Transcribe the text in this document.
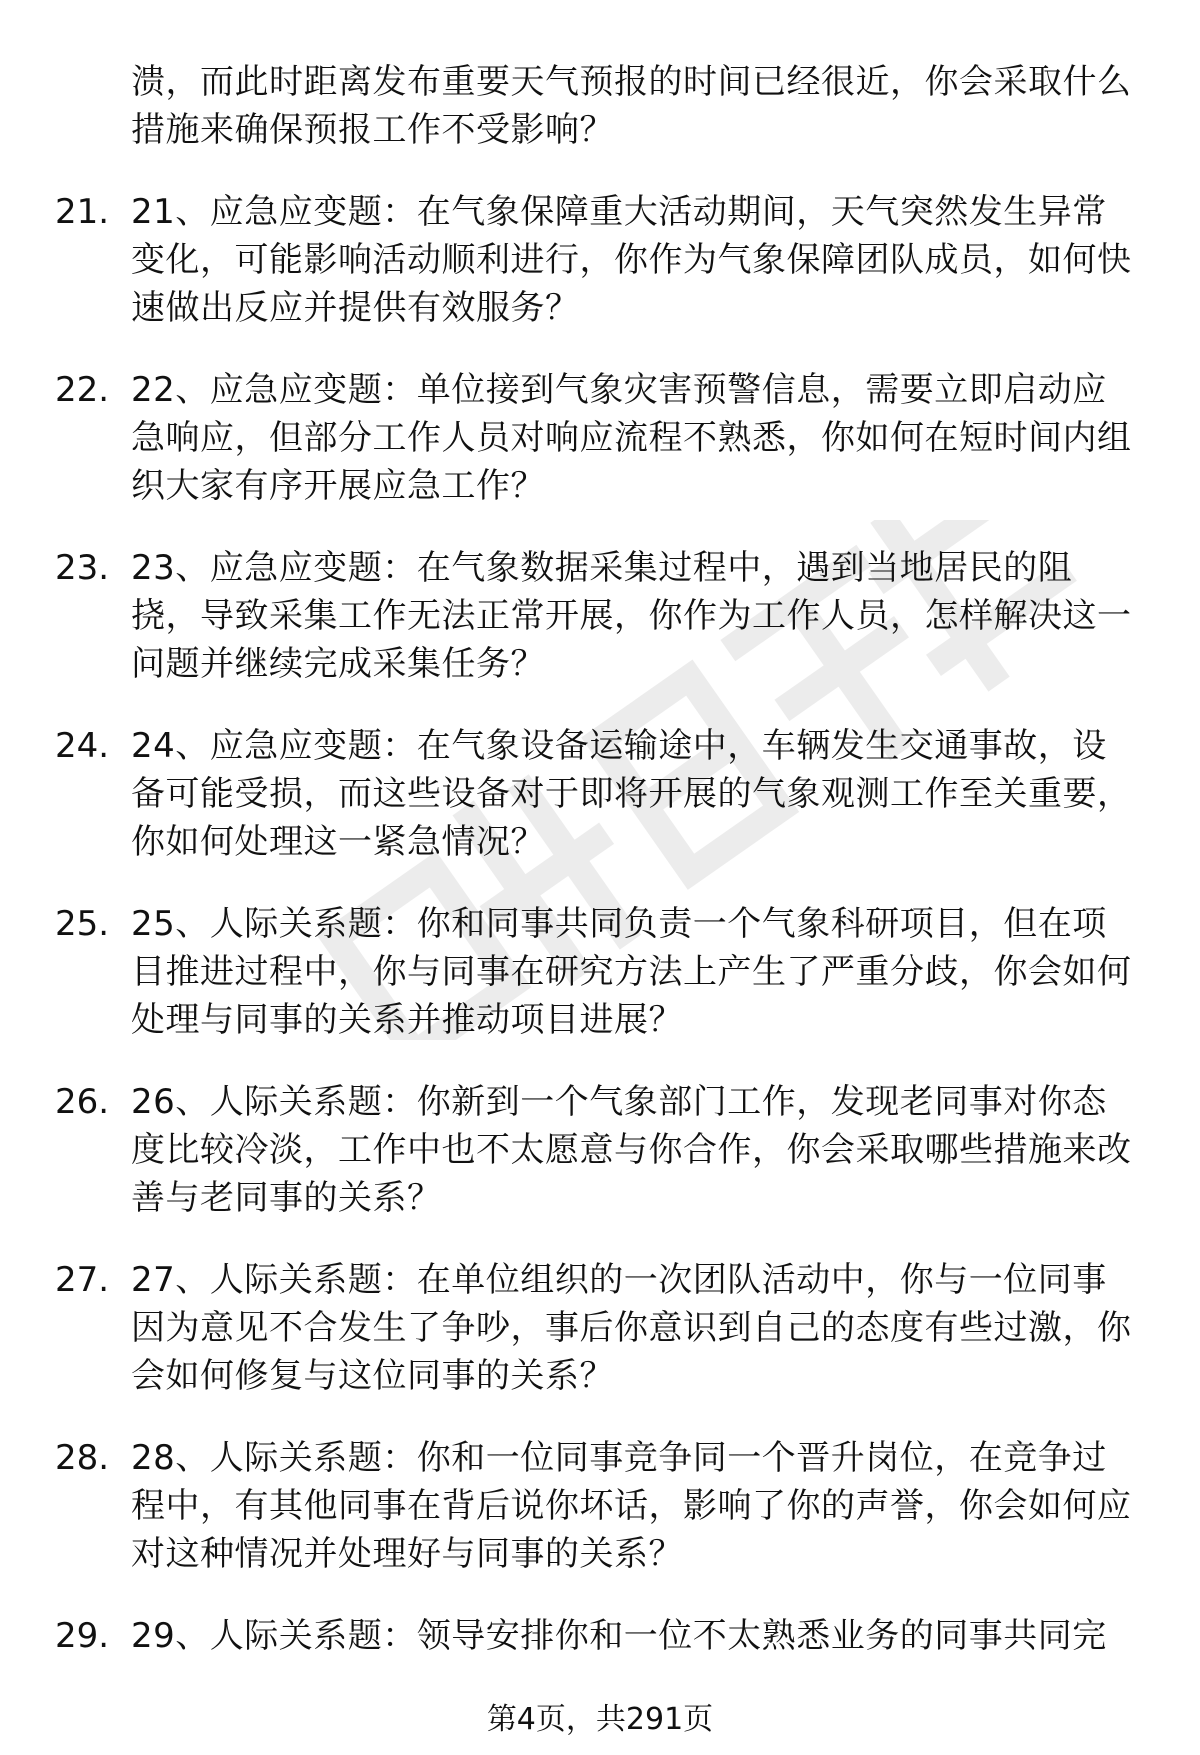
溃，而此时距离发布重要天气预报的时间已经很近，你会采取什么措施来确保预报工作不受影响？
21. 21、应急应变题：在气象保障重大活动期间，天气突然发生异常变化，可能影响活动顺利进行，你作为气象保障团队成员，如何快速做出反应并提供有效服务？
22. 22、应急应变题：单位接到气象灾害预警信息，需要立即启动应急响应，但部分工作人员对响应流程不熟悉，你如何在短时间内组织大家有序开展应急工作？
23. 23、应急应变题：在气象数据采集过程中，遇到当地居民的阻挠，导致采集工作无法正常开展，你作为工作人员，怎样解决这一问题并继续完成采集任务？
24. 24、应急应变题：在气象设备运输途中，车辆发生交通事故，设备可能受损，而这些设备对于即将开展的气象观测工作至关重要，你如何处理这一紧急情况？
25. 25、人际关系题：你和同事共同负责一个气象科研项目，但在项目推进过程中，你与同事在研究方法上产生了严重分歧，你会如何处理与同事的关系并推动项目进展？
26. 26、人际关系题：你新到一个气象部门工作，发现老同事对你态度比较冷淡，工作中也不太愿意与你合作，你会采取哪些措施来改善与老同事的关系？
27. 27、人际关系题：在单位组织的一次团队活动中，你与一位同事因为意见不合发生了争吵，事后你意识到自己的态度有些过激，你会如何修复与这位同事的关系？
28. 28、人际关系题：你和一位同事竞争同一个晋升岗位，在竞争过程中，有其他同事在背后说你坏话，影响了你的声誉，你会如何应对这种情况并处理好与同事的关系？
29. 29、人际关系题：领导安排你和一位不太熟悉业务的同事共同完
第4页，共291页
